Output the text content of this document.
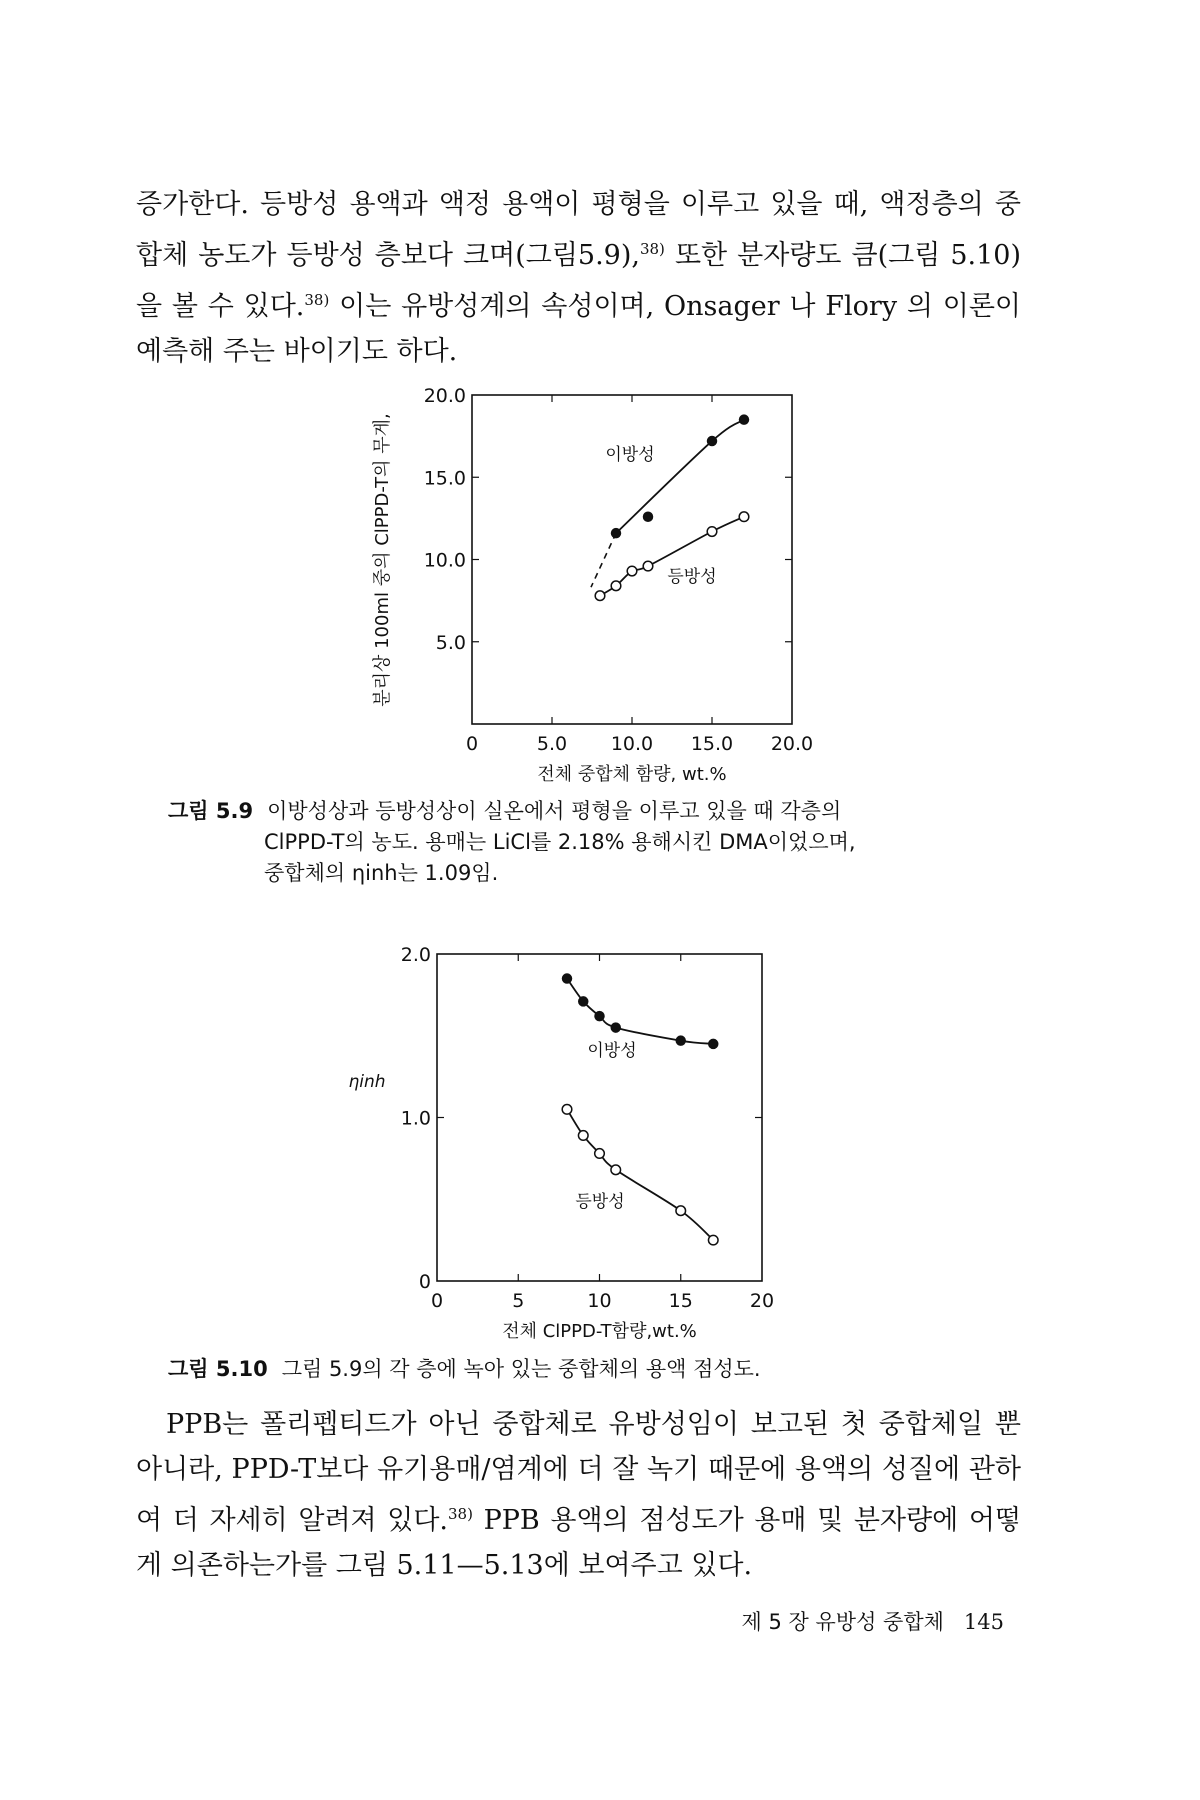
증가한다. 등방성 용액과 액정 용액이 평형을 이루고 있을 때, 액정층의 중합체 농도가 등방성 층보다 크며(그림5.9),$^{38)}$ 또한 분자량도 큼(그림 5.10)을 볼 수 있다.$^{38)}$ 이는 유방성계의 속성이며, Onsager 나 Flory 의 이론이 예측해 주는 바이기도 하다.
0	5.0 10.0 15.0 20.0
5.0
10.0
15.0
20.0
전체 중합체 함량, wt.%
분리상 100ml 중의 ClPPD-T의 무게,	이방성
등방성
그림 5.9 이방성상과 등방성상이 실온에서 평형을 이루고 있을 때 각층의
ClPPD-T의 농도. 용매는 LiCl를 2.18% 용해시킨 DMA이었으며,
중합체의 ηinh는 1.09임.
0	5	10	15	20
0
1.0
2.0
전체 ClPPD-T함량,wt.%
ηinh
이방성
등방성
그림 5.10 그림 5.9의 각 층에 녹아 있는 중합체의 용액 점성도.
PPB는 폴리펩티드가 아닌 중합체로 유방성임이 보고된 첫 중합체일 뿐 아니라, PPD-T보다 유기용매/염계에 더 잘 녹기 때문에 용액의 성질에 관하여 더 자세히 알려져 있다.$^{38)}$ PPB 용액의 점성도가 용매 및 분자량에 어떻게 의존하는가를 그림 5.11—5.13에 보여주고 있다.
제 5 장 유방성 중합체 145
